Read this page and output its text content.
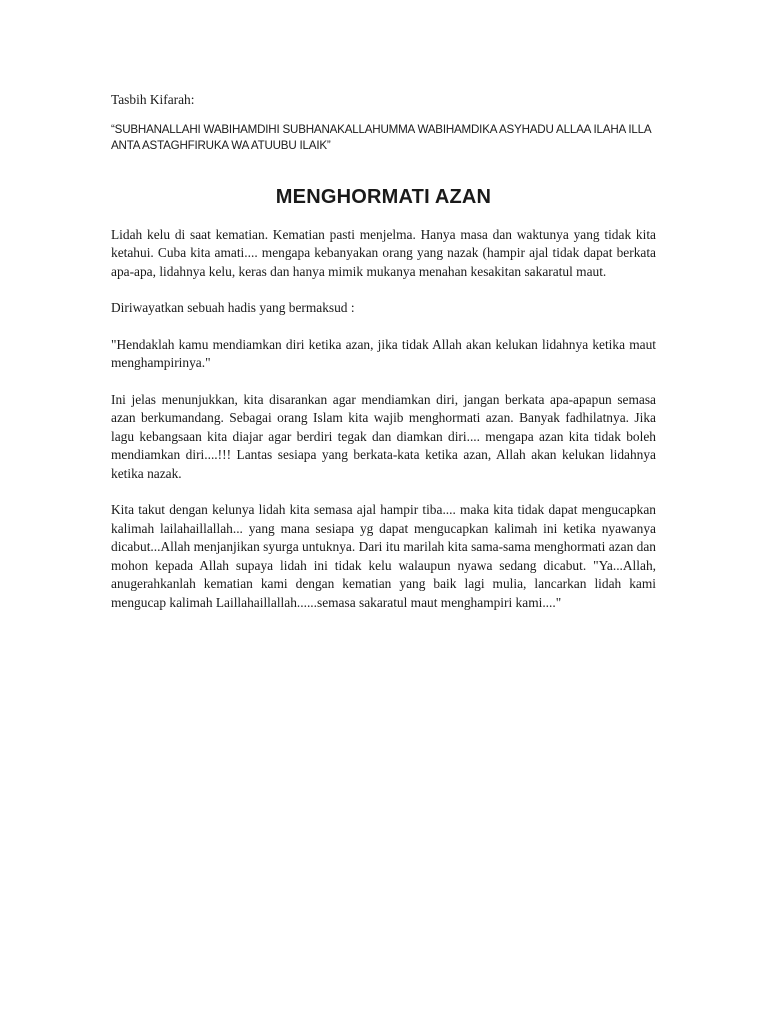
Tasbih Kifarah:

“SUBHANALLAHI WABIHAMDIHI SUBHANAKALLAHUMMA WABIHAMDIKA ASYHADU ALLAA ILAHA ILLA ANTA ASTAGHFIRUKA WA ATUUBU ILAIK”

MENGHORMATI AZAN

Lidah kelu di saat kematian. Kematian pasti menjelma. Hanya masa dan waktunya yang tidak kita ketahui. Cuba kita amati.... mengapa kebanyakan orang yang nazak (hampir ajal tidak dapat berkata apa-apa, lidahnya kelu, keras dan hanya mimik mukanya menahan kesakitan sakaratul maut.

Diriwayatkan sebuah hadis yang bermaksud :

"Hendaklah kamu mendiamkan diri ketika azan, jika tidak Allah akan kelukan lidahnya ketika maut menghampirinya."

Ini jelas menunjukkan, kita disarankan agar mendiamkan diri, jangan berkata apa-apapun semasa azan berkumandang. Sebagai orang Islam kita wajib menghormati azan. Banyak fadhilatnya. Jika lagu kebangsaan kita diajar agar berdiri tegak dan diamkan diri.... mengapa azan kita tidak boleh mendiamkan diri....!!! Lantas sesiapa yang berkata-kata ketika azan, Allah akan kelukan lidahnya ketika nazak.

Kita takut dengan kelunya lidah kita semasa ajal hampir tiba.... maka kita tidak dapat mengucapkan kalimah lailahaillallah... yang mana sesiapa yg dapat mengucapkan kalimah ini ketika nyawanya dicabut...Allah menjanjikan syurga untuknya. Dari itu marilah kita sama-sama menghormati azan dan mohon kepada Allah supaya lidah ini tidak kelu walaupun nyawa sedang dicabut. "Ya...Allah, anugerahkanlah kematian kami dengan kematian yang baik lagi mulia, lancarkan lidah kami mengucap kalimah Laillahaillallah......semasa sakaratul maut menghampiri kami...."
